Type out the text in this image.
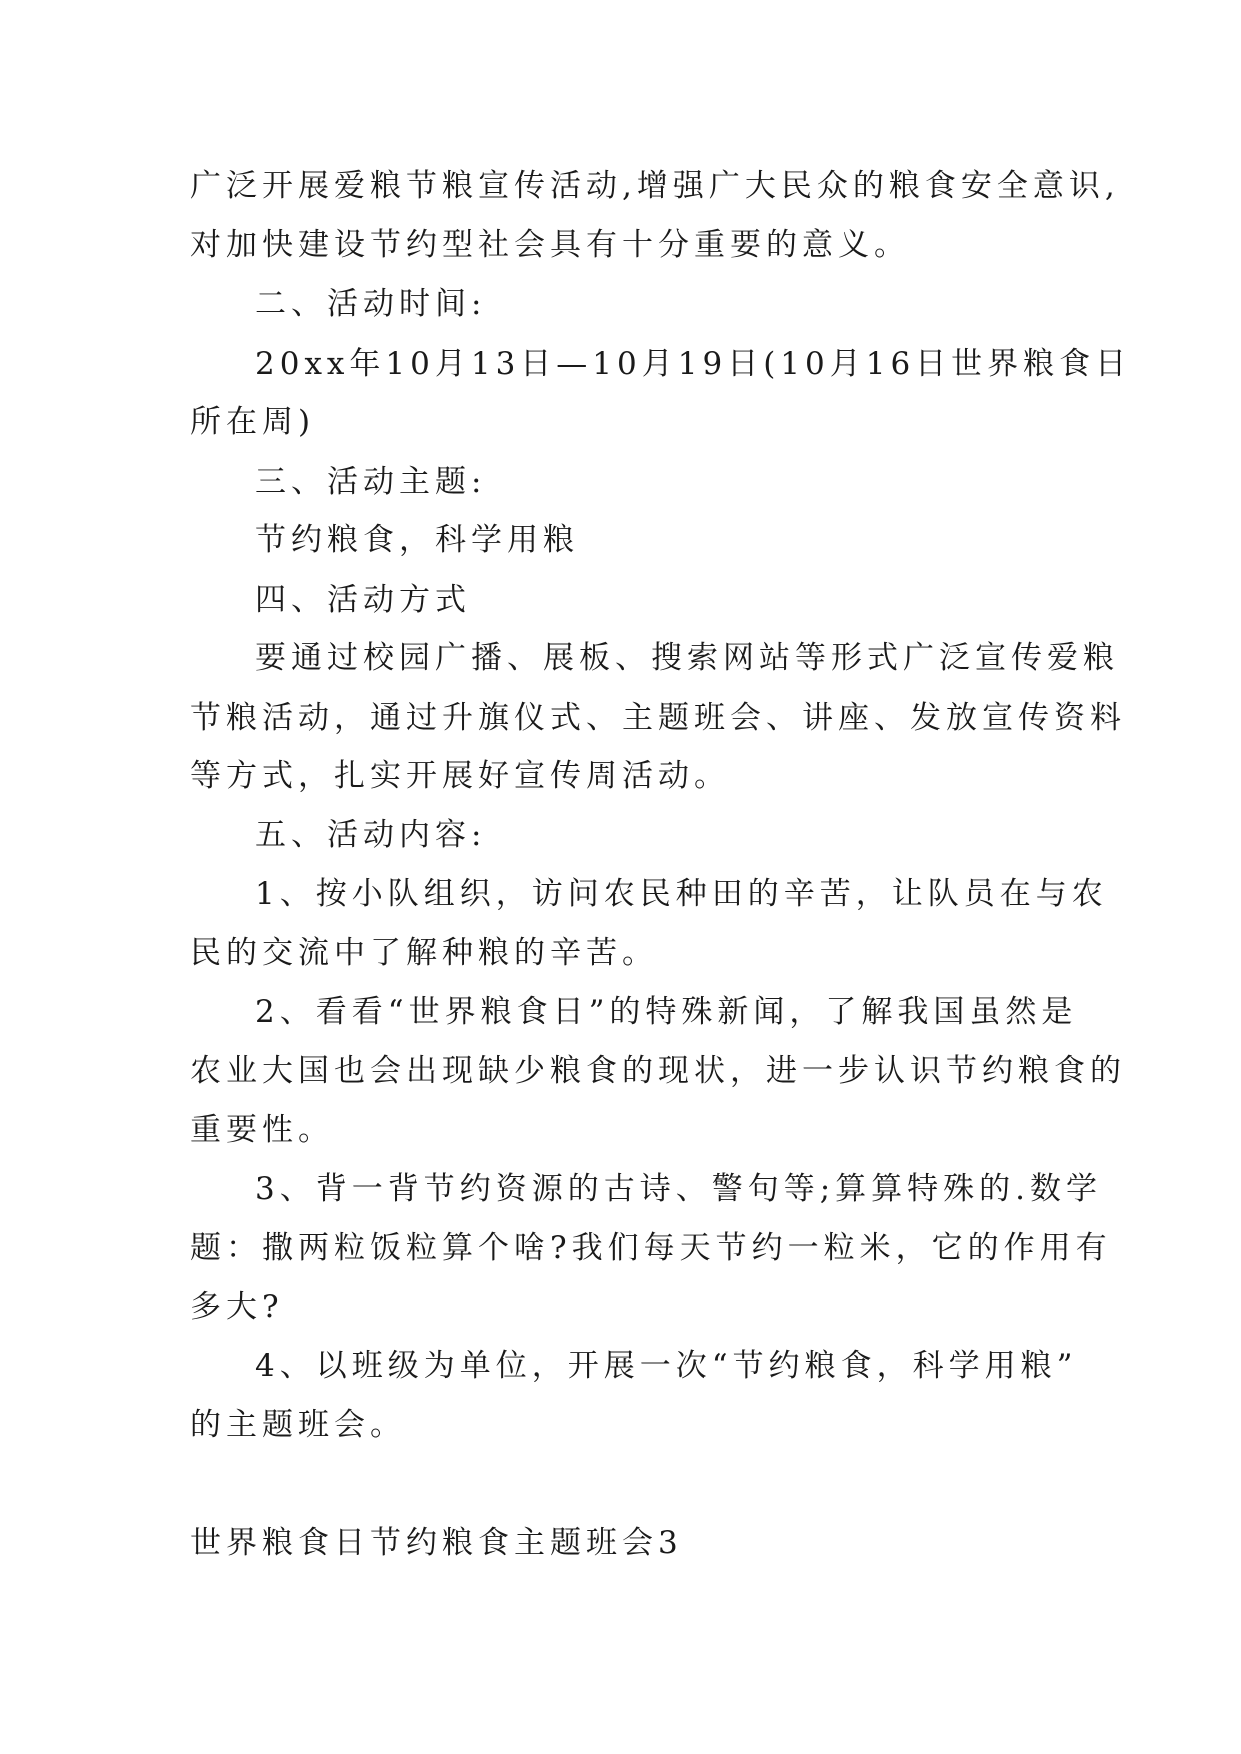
广泛开展爱粮节粮宣传活动,增强广大民众的粮食安全意识,
对加快建设节约型社会具有十分重要的意义。
二、活动时间:
20xx年10月13日—10月19日(10月16日世界粮食日
所在周)
三、活动主题:
节约粮食，科学用粮
四、活动方式
要通过校园广播、展板、搜索网站等形式广泛宣传爱粮
节粮活动，通过升旗仪式、主题班会、讲座、发放宣传资料
等方式，扎实开展好宣传周活动。
五、活动内容:
1、按小队组织，访问农民种田的辛苦，让队员在与农
民的交流中了解种粮的辛苦。
2、看看“世界粮食日”的特殊新闻，了解我国虽然是
农业大国也会出现缺少粮食的现状，进一步认识节约粮食的
重要性。
3、背一背节约资源的古诗、警句等;算算特殊的.数学
题：撒两粒饭粒算个啥?我们每天节约一粒米，它的作用有
多大?
4、以班级为单位，开展一次“节约粮食，科学用粮”
的主题班会。
世界粮食日节约粮食主题班会3
